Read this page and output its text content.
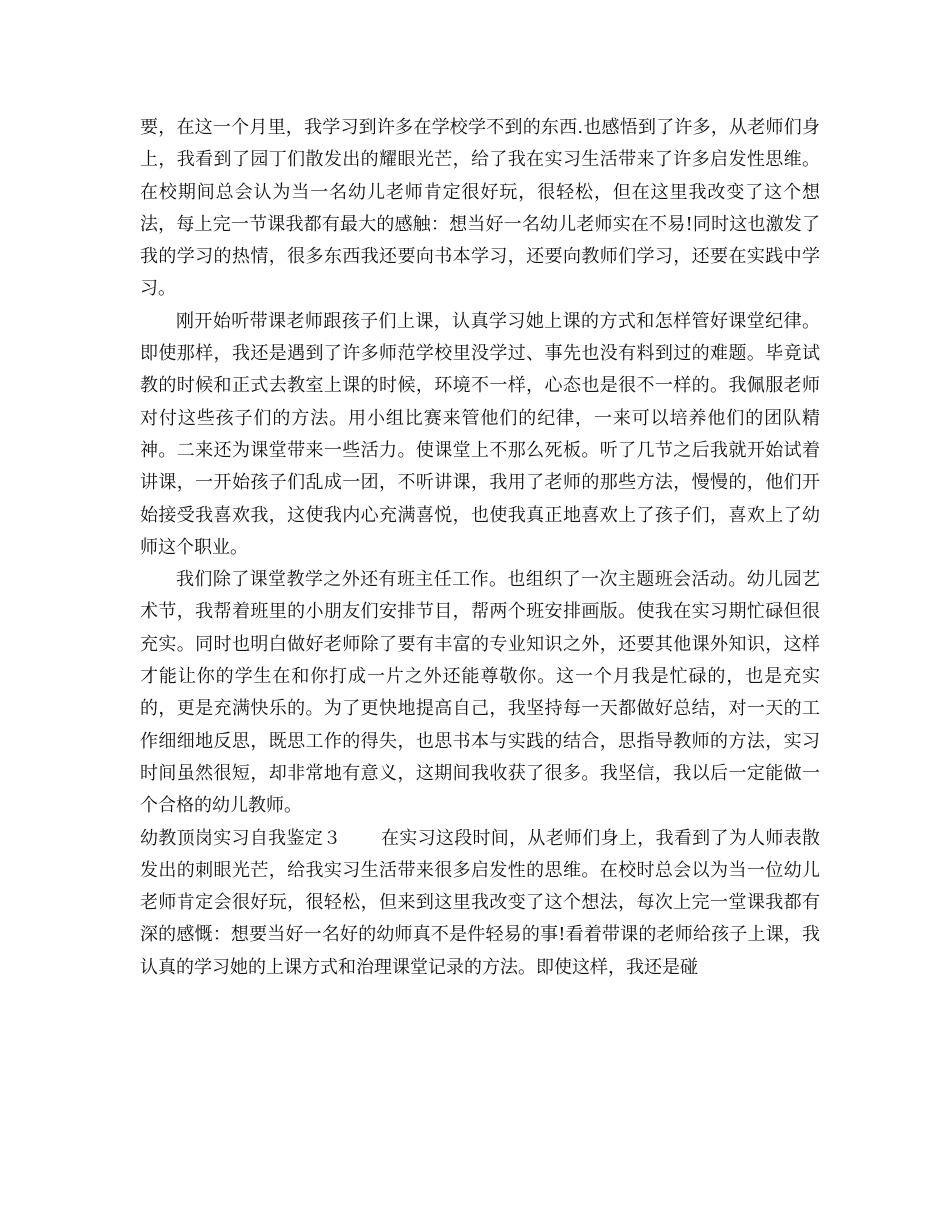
要，在这一个月里，我学习到许多在学校学不到的东西.也感悟到了许多，从老师们身上，我看到了园丁们散发出的耀眼光芒，给了我在实习生活带来了许多启发性思维。在校期间总会认为当一名幼儿老师肯定很好玩，很轻松，但在这里我改变了这个想法，每上完一节课我都有最大的感触：想当好一名幼儿老师实在不易!同时这也激发了我的学习的热情，很多东西我还要向书本学习，还要向教师们学习，还要在实践中学习。

刚开始听带课老师跟孩子们上课，认真学习她上课的方式和怎样管好课堂纪律。即使那样，我还是遇到了许多师范学校里没学过、事先也没有料到过的难题。毕竟试教的时候和正式去教室上课的时候，环境不一样，心态也是很不一样的。我佩服老师对付这些孩子们的方法。用小组比赛来管他们的纪律，一来可以培养他们的团队精神。二来还为课堂带来一些活力。使课堂上不那么死板。听了几节之后我就开始试着讲课，一开始孩子们乱成一团，不听讲课，我用了老师的那些方法，慢慢的，他们开始接受我喜欢我，这使我内心充满喜悦，也使我真正地喜欢上了孩子们，喜欢上了幼师这个职业。

我们除了课堂教学之外还有班主任工作。也组织了一次主题班会活动。幼儿园艺术节，我帮着班里的小朋友们安排节目，帮两个班安排画版。使我在实习期忙碌但很充实。同时也明白做好老师除了要有丰富的专业知识之外，还要其他课外知识，这样才能让你的学生在和你打成一片之外还能尊敬你。这一个月我是忙碌的，也是充实的，更是充满快乐的。为了更快地提高自己，我坚持每一天都做好总结，对一天的工作细细地反思，既思工作的得失，也思书本与实践的结合，思指导教师的方法，实习时间虽然很短，却非常地有意义，这期间我收获了很多。我坚信，我以后一定能做一个合格的幼儿教师。

幼教顶岗实习自我鉴定３ 在实习这段时间，从老师们身上，我看到了为人师表散发出的刺眼光芒，给我实习生活带来很多启发性的思维。在校时总会以为当一位幼儿老师肯定会很好玩，很轻松，但来到这里我改变了这个想法，每次上完一堂课我都有深的感慨：想要当好一名好的幼师真不是件轻易的事!看着带课的老师给孩子上课，我认真的学习她的上课方式和治理课堂记录的方法。即使这样，我还是碰
